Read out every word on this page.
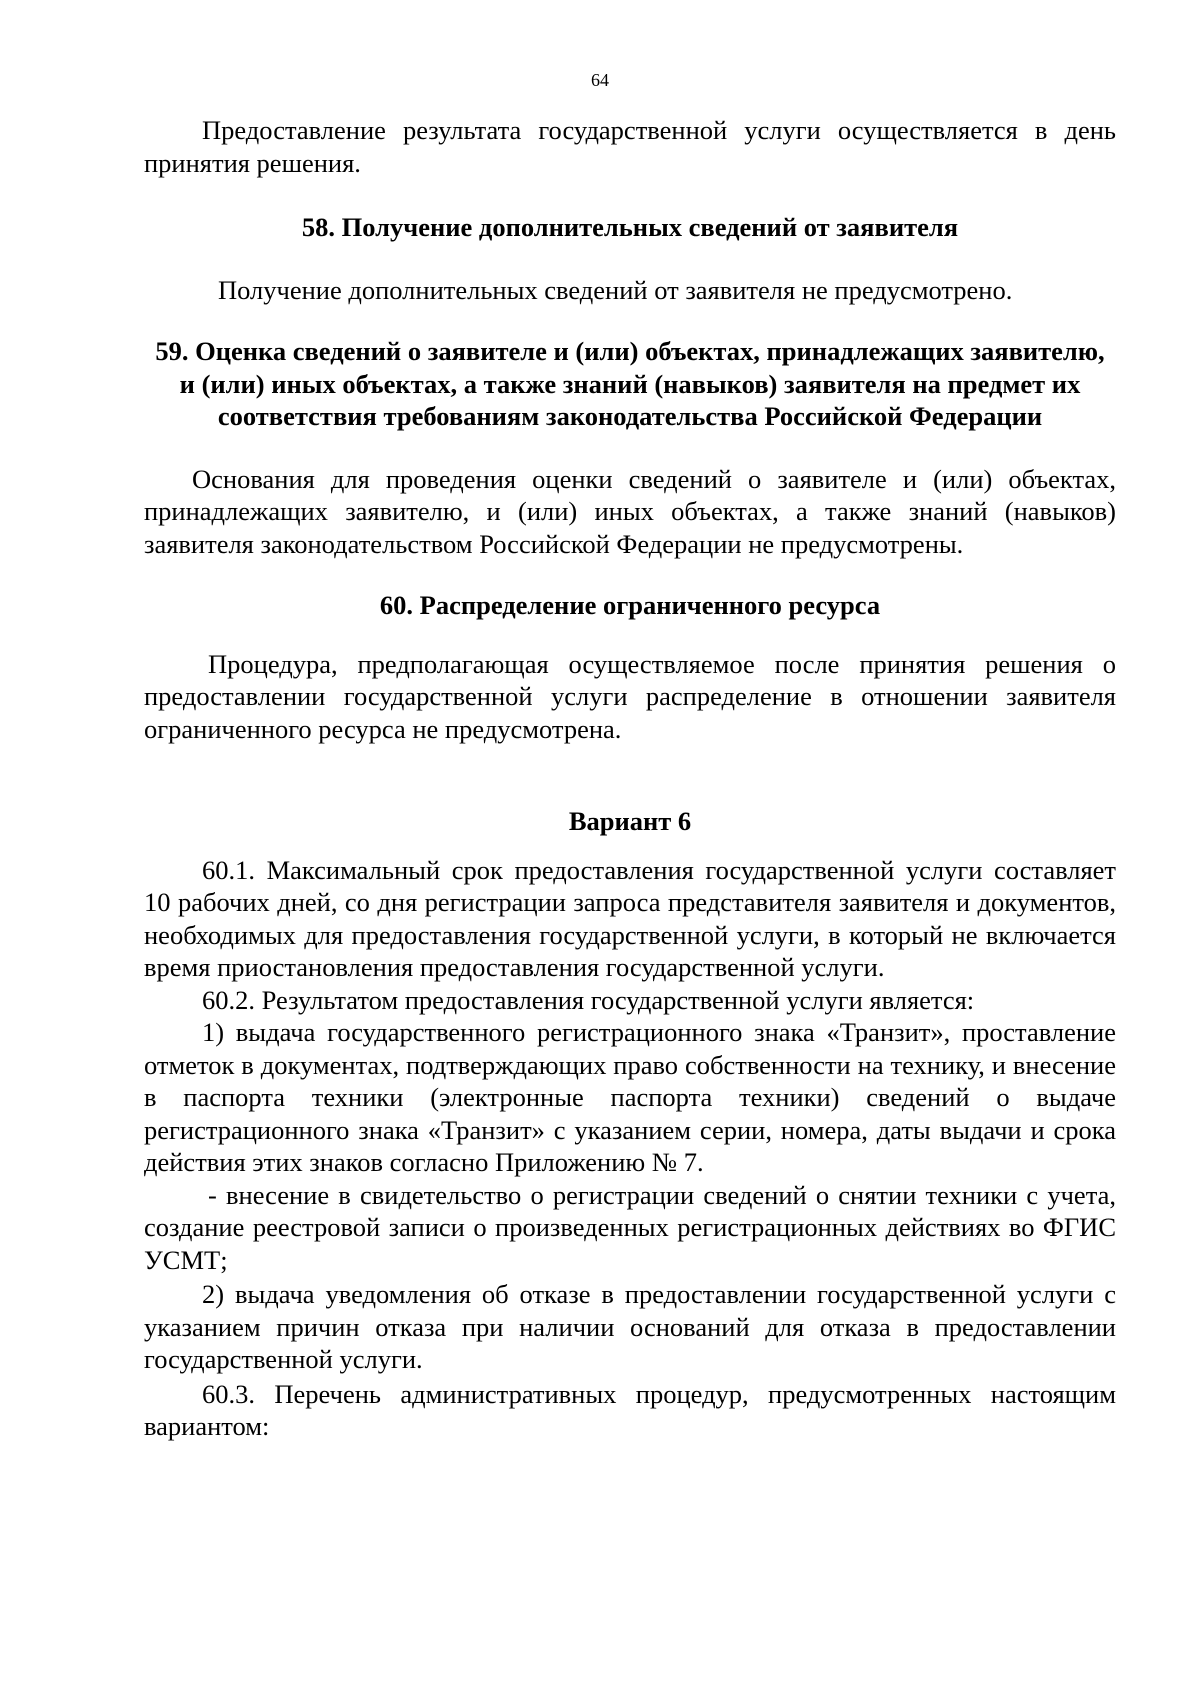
64

Предоставление результата государственной услуги осуществляется в день принятия решения.

58. Получение дополнительных сведений от заявителя

Получение дополнительных сведений от заявителя не предусмотрено.

59. Оценка сведений о заявителе и (или) объектах, принадлежащих заявителю, и (или) иных объектах, а также знаний (навыков) заявителя на предмет их соответствия требованиям законодательства Российской Федерации

Основания для проведения оценки сведений о заявителе и (или) объектах, принадлежащих заявителю, и (или) иных объектах, а также знаний (навыков) заявителя законодательством Российской Федерации не предусмотрены.

60. Распределение ограниченного ресурса

Процедура, предполагающая осуществляемое после принятия решения о предоставлении государственной услуги распределение в отношении заявителя ограниченного ресурса не предусмотрена.

Вариант 6

60.1. Максимальный срок предоставления государственной услуги составляет 10 рабочих дней, со дня регистрации запроса представителя заявителя и документов, необходимых для предоставления государственной услуги, в который не включается время приостановления предоставления государственной услуги.

60.2. Результатом предоставления государственной услуги является:

1) выдача государственного регистрационного знака «Транзит», проставление отметок в документах, подтверждающих право собственности на технику, и внесение в паспорта техники (электронные паспорта техники) сведений о выдаче регистрационного знака «Транзит» с указанием серии, номера, даты выдачи и срока действия этих знаков согласно Приложению № 7.

- внесение в свидетельство о регистрации сведений о снятии техники с учета, создание реестровой записи о произведенных регистрационных действиях во ФГИС УСМТ;

2) выдача уведомления об отказе в предоставлении государственной услуги с указанием причин отказа при наличии оснований для отказа в предоставлении государственной услуги.

60.3. Перечень административных процедур, предусмотренных настоящим вариантом:
